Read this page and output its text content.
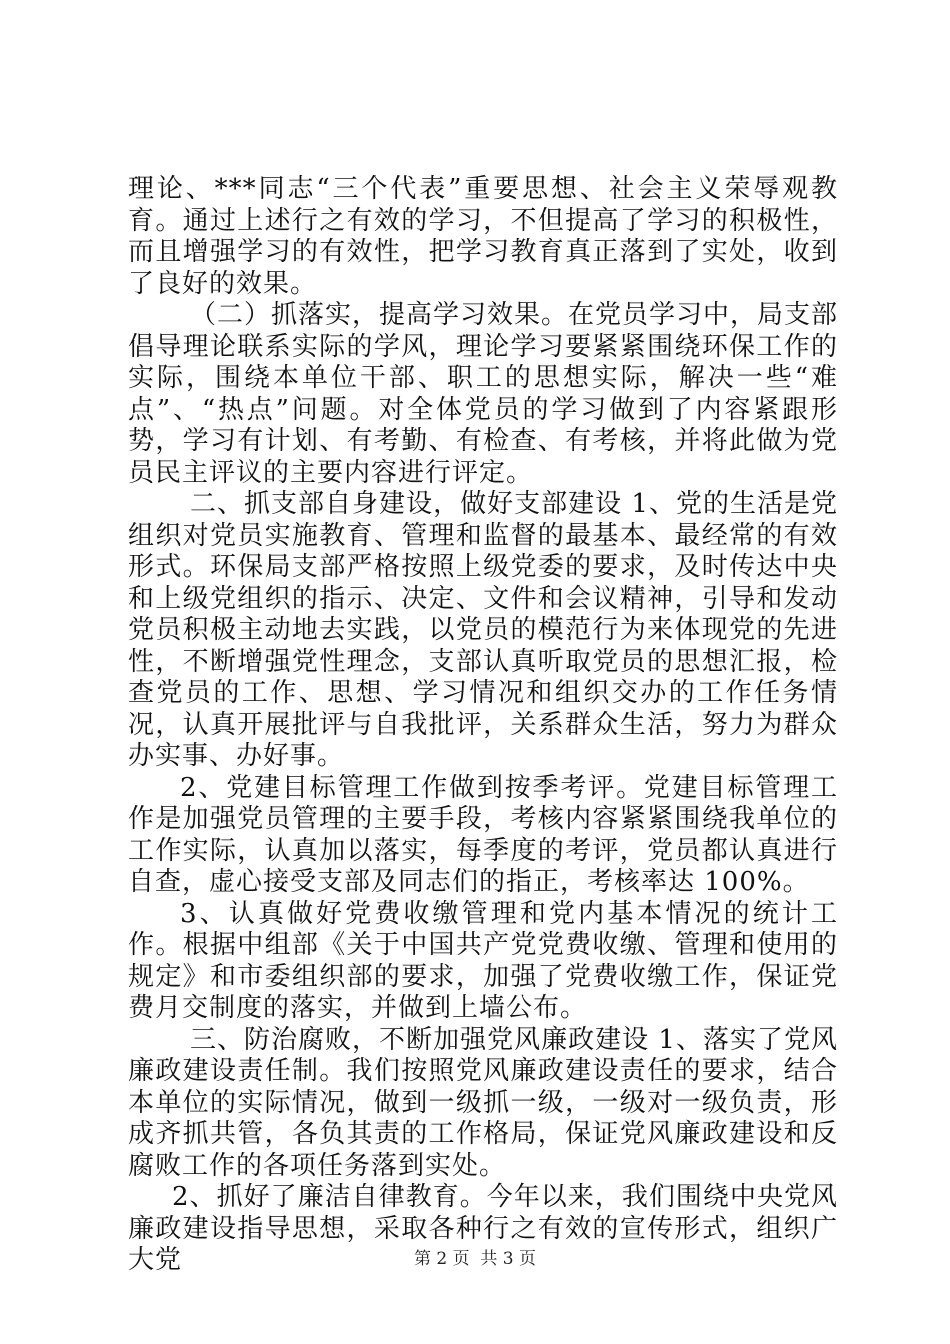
理论、***同志“三个代表”重要思想、社会主义荣辱观教育。通过上述行之有效的学习，不但提高了学习的积极性，而且增强学习的有效性，把学习教育真正落到了实处，收到了良好的效果。

（二）抓落实，提高学习效果。在党员学习中，局支部倡导理论联系实际的学风，理论学习要紧紧围绕环保工作的实际，围绕本单位干部、职工的思想实际，解决一些“难点”、“热点”问题。对全体党员的学习做到了内容紧跟形势，学习有计划、有考勤、有检查、有考核，并将此做为党员民主评议的主要内容进行评定。

二、抓支部自身建设，做好支部建设 1、党的生活是党组织对党员实施教育、管理和监督的最基本、最经常的有效形式。环保局支部严格按照上级党委的要求，及时传达中央和上级党组织的指示、决定、文件和会议精神，引导和发动党员积极主动地去实践，以党员的模范行为来体现党的先进性，不断增强党性理念，支部认真听取党员的思想汇报，检查党员的工作、思想、学习情况和组织交办的工作任务情况，认真开展批评与自我批评，关系群众生活，努力为群众办实事、办好事。

2、党建目标管理工作做到按季考评。党建目标管理工作是加强党员管理的主要手段，考核内容紧紧围绕我单位的工作实际，认真加以落实，每季度的考评，党员都认真进行自查，虚心接受支部及同志们的指正，考核率达 100%。

3、认真做好党费收缴管理和党内基本情况的统计工作。根据中组部《关于中国共产党党费收缴、管理和使用的规定》和市委组织部的要求，加强了党费收缴工作，保证党费月交制度的落实，并做到上墙公布。

三、防治腐败，不断加强党风廉政建设 1、落实了党风廉政建设责任制。我们按照党风廉政建设责任的要求，结合本单位的实际情况，做到一级抓一级，一级对一级负责，形成齐抓共管，各负其责的工作格局，保证党风廉政建设和反腐败工作的各项任务落到实处。

2、抓好了廉洁自律教育。今年以来，我们围绕中央党风廉政建设指导思想，采取各种行之有效的宣传形式，组织广大党	第 2 页  共 3 页
